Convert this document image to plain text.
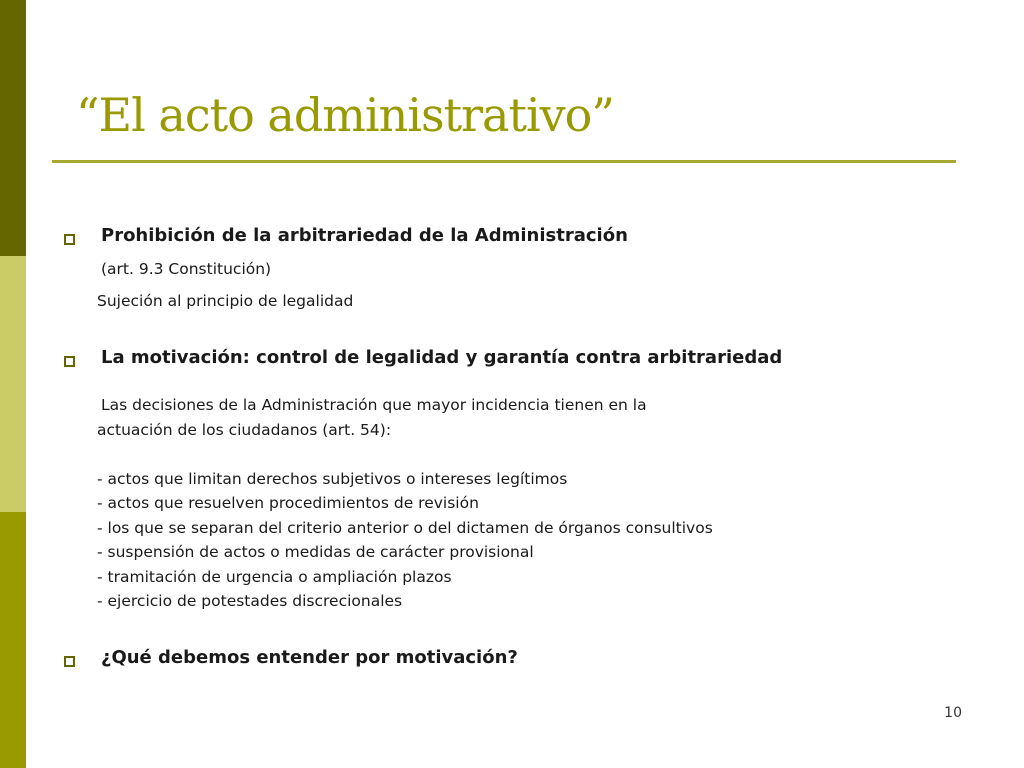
“El acto administrativo”
Prohibición de la arbitrariedad de la Administración
(art. 9.3 Constitución)
Sujeción al principio de legalidad
La motivación: control de legalidad y garantía contra arbitrariedad
Las decisiones de la Administración que mayor incidencia tienen en la
actuación de los ciudadanos (art. 54):
- actos que limitan derechos subjetivos o intereses legítimos
- actos que resuelven procedimientos de revisión
- los que se separan del criterio anterior o del dictamen de órganos consultivos
- suspensión de actos o medidas de carácter provisional
- tramitación de urgencia o ampliación plazos
- ejercicio de potestades discrecionales
¿Qué debemos entender por motivación?
10
